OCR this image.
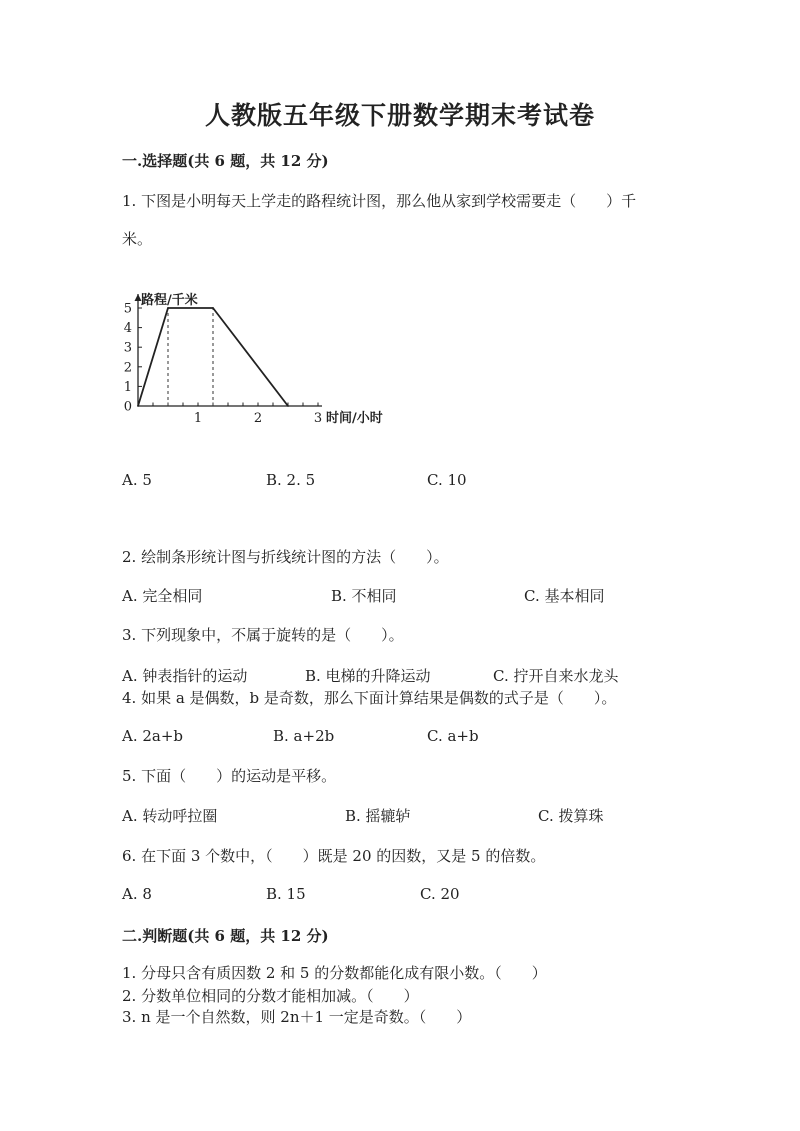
人教版五年级下册数学期末考试卷
一.选择题(共 6 题，共 12 分)
1. 下图是小明每天上学走的路程统计图，那么他从家到学校需要走（　　）千
米。
0
1
2
3
4
5
1	2	3
路程/千米
时间/小时
A. 5	B. 2. 5	C. 10
2. 绘制条形统计图与折线统计图的方法（　　）。
A. 完全相同	B. 不相同	C. 基本相同
3. 下列现象中，不属于旋转的是（　　）。
A. 钟表指针的运动	B. 电梯的升降运动	C. 拧开自来水龙头
4. 如果 a 是偶数，b 是奇数，那么下面计算结果是偶数的式子是（　　）。
A. 2a+b	B. a+2b	C. a+b
5. 下面（　　）的运动是平移。
A. 转动呼拉圈	B. 摇辘轳	C. 拨算珠
6. 在下面 3 个数中，（　　）既是 20 的因数，又是 5 的倍数。
A. 8	B. 15	C. 20
二.判断题(共 6 题，共 12 分)
1. 分母只含有质因数 2 和 5 的分数都能化成有限小数。（　　）
2. 分数单位相同的分数才能相加减。（　　）
3. n 是一个自然数，则 2n＋1 一定是奇数。（　　）
